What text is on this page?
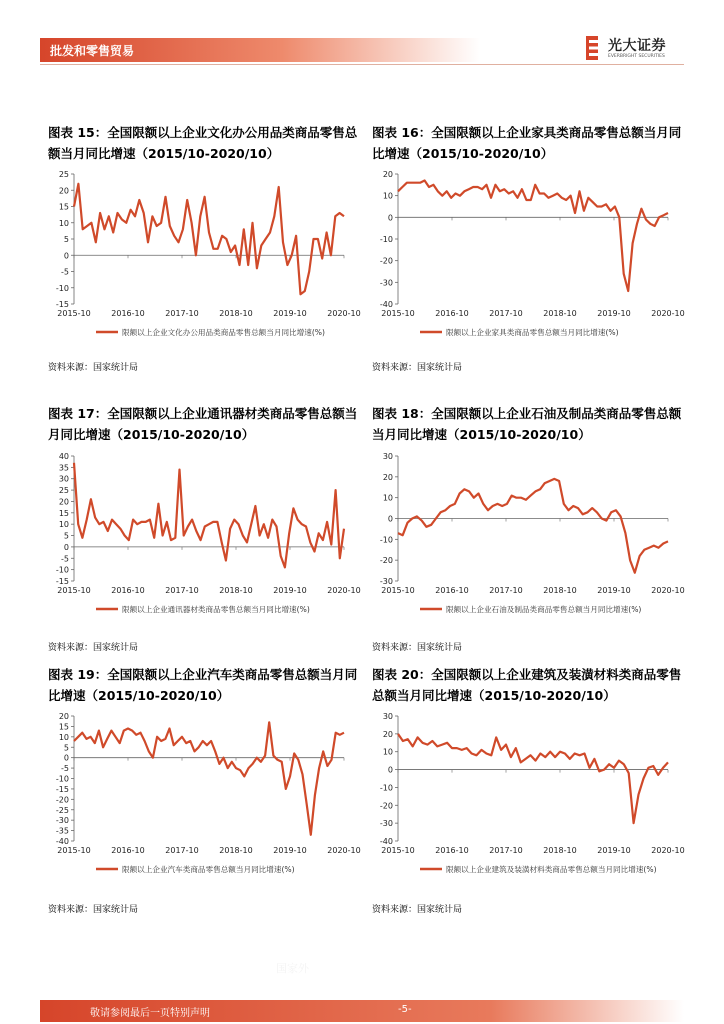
批发和零售贸易	光大证券
EVERBRIGHT SECURITIES
图表 15：全国限额以上企业文化办公用品类商品零售总额当月同比增速（2015/10-2020/10）
图表 16：全国限额以上企业家具类商品零售总额当月同比增速（2015/10-2020/10）
图表 17：全国限额以上企业通讯器材类商品零售总额当月同比增速（2015/10-2020/10）
图表 18：全国限额以上企业石油及制品类商品零售总额当月同比增速（2015/10-2020/10）
图表 19：全国限额以上企业汽车类商品零售总额当月同比增速（2015/10-2020/10）
图表 20：全国限额以上企业建筑及装潢材料类商品零售总额当月同比增速（2015/10-2020/10）
25
20
15
10
5
0
-5
-10
-15
2015-10	2016-10	2017-10	2018-10	2019-10	2020-10
限额以上企业文化办公用品类商品零售总额当月同比增速(%)
20
10
0
-10
-20
-30
-40
2015-10	2016-10	2017-10	2018-10	2019-10	2020-10
限额以上企业家具类商品零售总额当月同比增速(%)
40
35
30
25
20
15
10
5
0
-5
-10
-15
2015-10	2016-10	2017-10	2018-10	2019-10	2020-10
限额以上企业通讯器材类商品零售总额当月同比增速(%)
30
20
10
0
-10
-20
-30
2015-10	2016-10	2017-10	2018-10	2019-10	2020-10
限额以上企业石油及制品类商品零售总额当月同比增速(%)
20
15
10
5
0
-5
-10
-15
-20
-25
-30
-35
-40
2015-10	2016-10	2017-10	2018-10	2019-10	2020-10
限额以上企业汽车类商品零售总额当月同比增速(%)
30
20
10
0
-10
-20
-30
-40
2015-10	2016-10	2017-10	2018-10	2019-10	2020-10
限额以上企业建筑及装潢材料类商品零售总额当月同比增速(%)
资料来源：国家统计局	资料来源：国家统计局
资料来源：国家统计局	资料来源：国家统计局
资料来源：国家统计局	资料来源：国家统计局
国家外
敬请参阅最后一页特别声明	-5-
